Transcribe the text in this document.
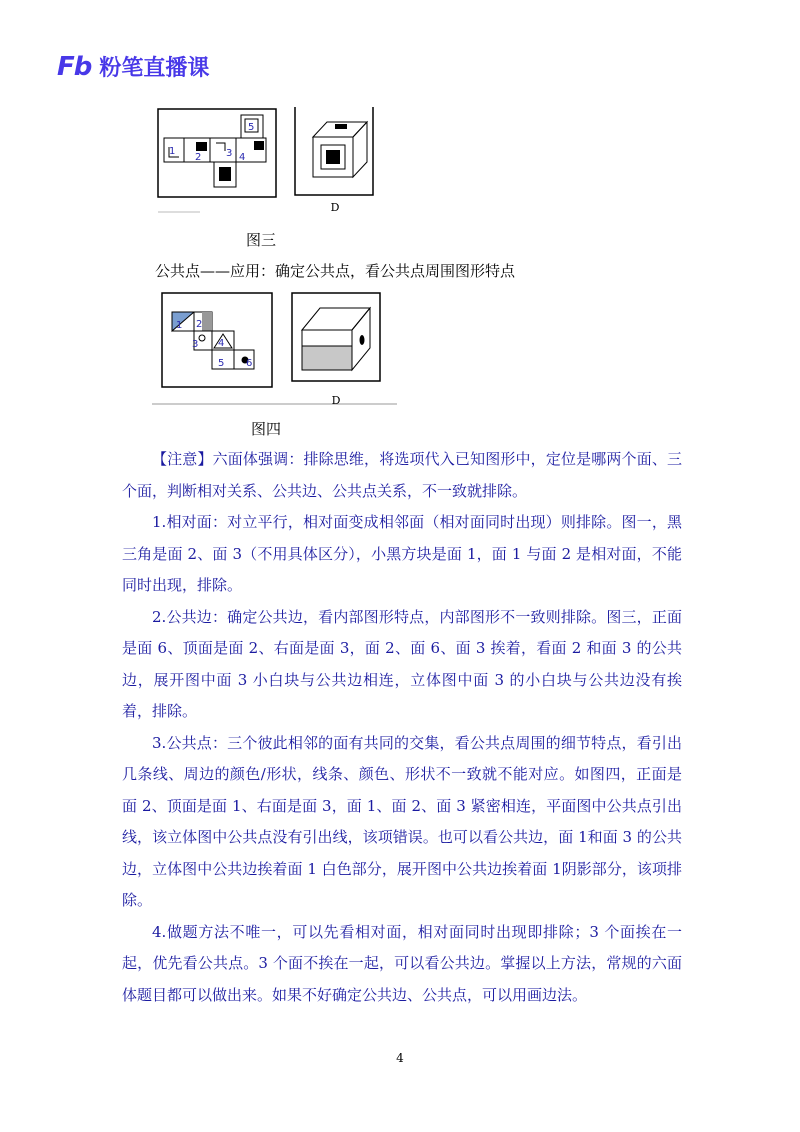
Fb 粉笔直播课
1
2 3 4
5
D
图三
公共点——应用：确定公共点，看公共点周围图形特点
1 2
3 4
5 6
D
图四

【注意】六面体强调：排除思维，将选项代入已知图形中，定位是哪两个面、三个面，判断相对关系、公共边、公共点关系，不一致就排除。

1.相对面：对立平行，相对面变成相邻面（相对面同时出现）则排除。图一，黑三角是面 2、面 3（不用具体区分），小黑方块是面 1，面 1 与面 2 是相对面，不能同时出现，排除。

2.公共边：确定公共边，看内部图形特点，内部图形不一致则排除。图三，正面是面 6、顶面是面 2、右面是面 3，面 2、面 6、面 3 挨着，看面 2 和面 3 的公共边，展开图中面 3 小白块与公共边相连，立体图中面 3 的小白块与公共边没有挨着，排除。

3.公共点：三个彼此相邻的面有共同的交集，看公共点周围的细节特点，看引出几条线、周边的颜色/形状，线条、颜色、形状不一致就不能对应。如图四，正面是面 2、顶面是面 1、右面是面 3，面 1、面 2、面 3 紧密相连，平面图中公共点引出线，该立体图中公共点没有引出线，该项错误。也可以看公共边，面 1和面 3 的公共边，立体图中公共边挨着面 1 白色部分，展开图中公共边挨着面 1阴影部分，该项排除。

4.做题方法不唯一，可以先看相对面，相对面同时出现即排除；3 个面挨在一起，优先看公共点。3 个面不挨在一起，可以看公共边。掌握以上方法，常规的六面体题目都可以做出来。如果不好确定公共边、公共点，可以用画边法。

4
